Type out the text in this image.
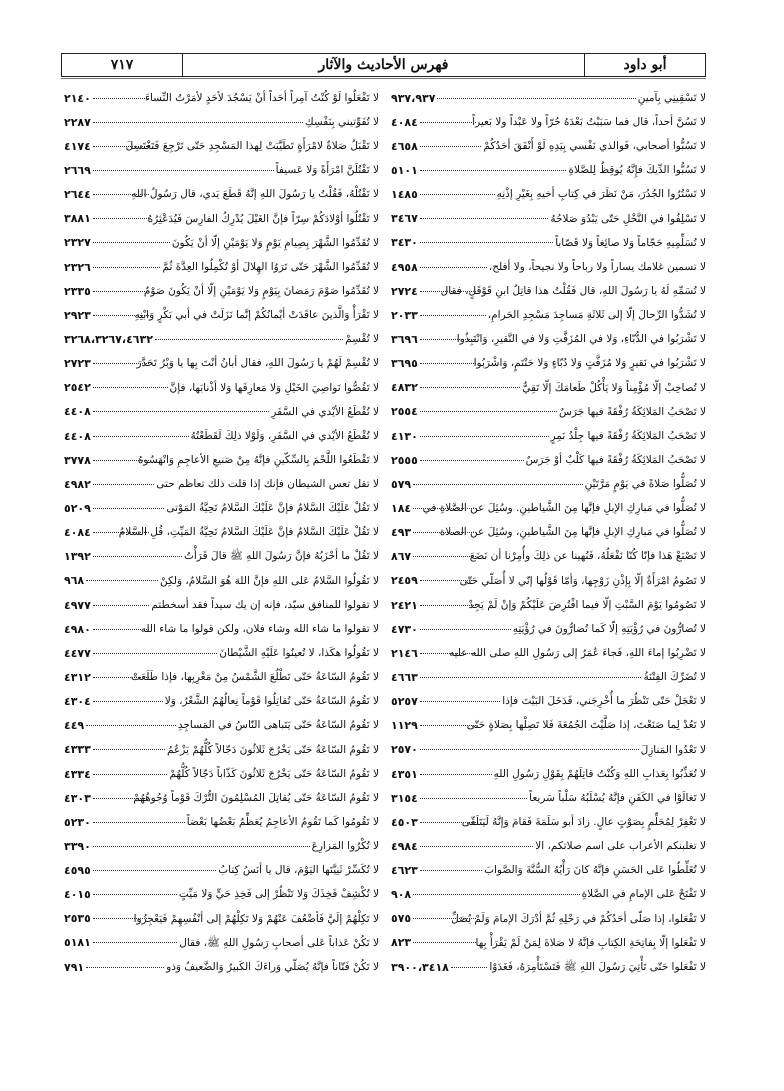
٧١٧	فهرس الأحاديث والآثار	أبو داود
لا تَسْقِينِي بِآمينِ
٩٣٧،٩٣٧
لا تَسُنَّ أحداً، قال فما سَبَبْتُ بَعْدَهُ حُرّاً ولا عَبْداً ولا بَعيراً
٤٠٨٤
لا تَسُبُّوا أصحابي، فَوالذي نَفْسي بِيَدِهِ لَوْ أَنْفَقَ أحَدُكُمْ
٤٦٥٨
لا تَسُبُّوا الدِّيكَ فإِنَّهُ يُوقِظُ لِلصَّلاةِ
٥١٠١
لا تَسْتُرُوا الجُدُرَ، مَنْ نَظَرَ في كِتابِ أخيهِ بِغَيْرِ إذْنِهِ
١٤٨٥
لا تَسْلِفُوا في النَّخْلِ حَتّى يَبْدُوَ صَلاحُهُ
٣٤٦٧
لا تُسَلِّمِيهِ حَجّاماً وَلا صائِغاً وَلا قَصّاباً
٣٤٣٠
لا تسمين غلامك يساراً ولا رباحاً ولا نجيحاً، ولا أفلح،
٤٩٥٨
لا تُسَمِّهِ لَهُ يا رَسُولَ اللهِ، قال فَقُلْتُ هذا قاتِلُ ابنِ قَوْقَلٍ، فقال
٢٧٢٤
لا تُشَدُّوا الرِّحالَ إلّا إلى ثَلاثَةِ مَساجِدَ مَسْجِدِ الحَرامِ،
٢٠٣٣
لا تَشْرَبُوا في الدُّبّاءِ، وَلا في المُزَفَّتِ وَلا في النَّقيرِ، وَانْتَبِذُوا
٣٦٩٦
لا تَشْرَبُوا في نَقيرٍ وَلا مُزَفَّتٍ وَلا دُبّاءٍ وَلا حَنْتَمٍ، وَاشْرَبُوا
٣٦٩٥
لا تُصاحِبْ إلّا مُؤْمِناً وَلا يَأْكُلْ طَعامَكَ إلّا تَقِيٌّ
٤٨٣٢
لا تَصْحَبُ المَلائِكَةُ رُفْقَةً فيها جَرَسٌ
٢٥٥٤
لا تَصْحَبُ المَلائِكَةُ رُفْقَةً فيها جِلْدُ نَمِرٍ
٤١٣٠
لا تَصْحَبُ المَلائِكَةُ رُفْقَةً فيها كَلْبٌ أوْ جَرَسٌ
٢٥٥٥
لا تُصَلُّوا صَلاةً في يَوْمٍ مَرَّتَيْنِ
٥٧٩
لا تُصَلُّوا في مَبارِكِ الإبلِ فإنَّها مِنَ الشَّياطينِ. وسُئِلَ عن الصَّلاةِ في
١٨٤
لا تُصَلُّوا في مَبارِكِ الإبلِ فإنَّها مِنَ الشَّياطينِ، وسُئِلَ عن الصلاة
٤٩٣
لا تَصْنَعْ هَذا فإنّا كُنّا نَفْعَلُهُ، فَنُهينا عن ذلِكَ وأُمِرْنا أن نَضَعَ
٨٦٧
لا تَصُومُ امْرَأَةٌ إلّا بِإذْنِ زَوْجِها، وَأمّا قَوْلُها إنّي لا أُصَلّي حَتّى
٢٤٥٩
لا تَصُومُوا يَوْمَ السَّبْتِ إلّا فيما افْتُرِضَ عَلَيْكُمْ وَإنْ لَمْ يَجِدْ
٢٤٢١
لا تُضارُّونَ في رُؤْيَتِهِ إلّا كَما تُضارُّونَ في رُؤْيَتِهِ
٤٧٣٠
لا تَضْرِبُوا إماءَ اللهِ، فَجاءَ عُمَرُ إلى رَسُولِ اللهِ صلى الله عليه
٢١٤٦
لا تُضَرِّكَ الفِتْنَةُ
٤٦٦٣
لا تَعْجَلْ حَتّى تَنْظُرَ ما أُخْرِجَني، فَدَخَلَ البَيْتَ فإذا
٥٢٥٧
لا تَعُدْ لِما صَنَعْتَ، إذا صَلَّيْتَ الجُمُعَةَ فَلا تَصِلْها بِصَلاةٍ حَتّى
١١٢٩
لا تَعْدُوا المَنازِلَ
٢٥٧٠
لا تُعَذِّبُوا بِعَذابِ اللهِ وَكُنْتُ قاتِلَهُمْ بِقَوْلِ رَسُولِ اللهِ
٤٣٥١
لا تَغالَوْا في الكَفَنِ فإنَّهُ يُسْلَبُهُ سَلْباً سَريعاً
٣١٥٤
لا تَغْفِرْ لِمُحَلِّمٍ بِصَوْتٍ عالٍ. زادَ أبو سَلَمَةَ فَقامَ وَإنَّهُ لَيَتَلَقّى
٤٥٠٣
لا تغلبنكم الأعراب على اسم صلاتكم، الا
٤٩٨٤
لا تُغَلِّطُوا عَلى الحَسَنِ فإنَّهُ كانَ رَأْيُهُ السُّنَّةَ وَالصَّوابَ
٤٦٢٣
لا تَفْتَحْ عَلى الإمامِ في الصَّلاةِ
٩٠٨
لا تَفْعَلوا، إذا صَلّى أحَدُكُمْ في رَحْلِهِ ثُمَّ أدْرَكَ الإمامَ وَلَمْ يُصَلِّ
٥٧٥
لا تَفْعَلوا إلّا بِفاتِحَةِ الكِتابِ فإنَّهُ لا صَلاةَ لِمَنْ لَمْ يَقْرَأْ بِها
٨٢٣
لا تَفْعَلوا حَتّى تَأْتِيَ رَسُولَ اللهِ ﷺ فَتَسْتَأْمِرَهُ، فَغَدَوْا
٣٩٠٠،٣٤١٨
لا تَفْعَلُوا لَوْ كُنْتُ آمِراً أحَداً أنْ يَسْجُدَ لأحَدٍ لأمَرْتُ النِّساءَ
٢١٤٠
لا تُفَوِّتيني بِنَفْسِكِ
٢٢٨٧
لا تَقْبَلُ صَلاةٌ لامْرَأَةٍ تَطَيَّبَتْ لِهذا المَسْجِدِ حَتّى تَرْجِعَ فَتَغْتَسِلَ
٤١٧٤
لا تَقْتُلَنَّ امْرَأَةً وَلا عَسيفاً
٢٦٦٩
لا تَقْتُلْهُ، فَقُلْتُ يا رَسُولَ اللهِ إنَّهُ قَطَعَ يَدي، قال رَسُولُ اللهِ
٢٦٤٤
لا تَقْتُلُوا أوْلادَكُمْ سِرّاً فإنَّ الغَيْلَ يُدْرِكُ الفارِسَ فَيُدَعْثِرُهُ
٣٨٨١
لا تُقَدِّمُوا الشَّهْرَ بِصِيامِ يَوْمٍ وَلا يَوْمَيْنِ إلّا أنْ يَكُونَ
٢٣٢٧
لا تُقَدِّمُوا الشَّهْرَ حَتّى تَرَوُا الهِلالَ أوْ تُكْمِلُوا العِدَّةَ ثُمَّ
٢٣٢٦
لا تُقَدِّمُوا صَوْمَ رَمَضانَ بِيَوْمٍ وَلا يَوْمَيْنِ إلّا أنْ يَكُونَ صَوْمٌ
٢٣٣٥
لا تَقْرَأْ وَالَّذينَ عاقَدَتْ أيْمانُكُمْ إنَّما نَزَلَتْ في أبي بَكْرٍ وَابْنِهِ
٢٩٢٣
لا تُقْسِمْ
٣٢٦٨،٣٢٦٧،٤٦٣٢
لا تُقْسِمْ لَهُمْ يا رَسُولَ اللهِ، فقال أبانُ أنْتَ بِها يا وَبْرُ تَحَدَّرَ
٢٧٢٣
لا تَقُصُّوا نَواصِيَ الخَيْلِ وَلا مَعارِفَها وَلا أذْنابَها، فإنَّ
٢٥٤٢
لا تُقْطَعُ الأيْدي في السَّفَرِ
٤٤٠٨
لا تُقْطَعُ الأيْدي في السَّفَرِ، وَلَوْلا ذلِكَ لَقَطَعْتُهُ
٤٤٠٨
لا تَقْطَعُوا اللَّحْمَ بِالسِّكّينِ فإنَّهُ مِنْ صَنيعِ الأعاجِمِ وَانْهَسُوهُ
٣٧٧٨
لا تقل تعس الشيطان فإنك إذا قلت ذلك تعاظم حتى
٤٩٨٢
لا تَقُلْ عَلَيْكَ السَّلامُ فإنَّ عَلَيْكَ السَّلامُ تَحِيَّةُ المَوْتى
٥٢٠٩
لا تَقُلْ عَلَيْكَ السَّلامُ فإنَّ عَلَيْكَ السَّلامُ تَحِيَّةُ المَيِّتِ، قُلِ السَّلامُ
٤٠٨٤
لا تَقُلْ ما أحْزَبُهُ فإنَّ رَسُولَ اللهِ ﷺ قالَ قَرَأْتُ
١٣٩٢
لا تَقُولُوا السَّلامُ عَلى اللهِ فإنَّ اللهَ هُوَ السَّلامُ، وَلكِنْ
٩٦٨
لا تقولوا للمنافق سيّد، فإنه إن يك سيداً فقد أسخطتم
٤٩٧٧
لا تقولوا ما شاء الله وشاء فلان، ولكن قولوا ما شاء الله
٤٩٨٠
لا تَقُولُوا هكَذا، لا تُعينُوا عَلَيْهِ الشَّيْطانَ
٤٤٧٧
لا تَقُومُ السّاعَةُ حَتّى تَطْلُعَ الشَّمْسُ مِنْ مَغْرِبِها، فإذا طَلَعَتْ
٤٣١٢
لا تَقُومُ السّاعَةُ حَتّى تُقاتِلُوا قَوْماً نِعالُهُمُ الشَّعْرُ، وَلا
٤٣٠٤
لا تَقُومُ السّاعَةُ حَتّى يَتَباهى النّاسُ في المَساجِدِ
٤٤٩
لا تَقُومُ السّاعَةُ حَتّى يَخْرُجَ ثَلاثُونَ دَجّالاً كُلُّهُمْ يَزْعُمُ
٤٣٣٣
لا تَقُومُ السّاعَةُ حَتّى يَخْرُجَ ثَلاثُونَ كَذّاباً دَجّالاً كُلُّهُمْ
٤٣٣٤
لا تَقُومُ السّاعَةُ حَتّى يُقاتِلَ المُسْلِمُونَ التُّرْكَ قَوْماً وُجُوهُهُمْ
٤٣٠٣
لا تَقُومُوا كَما تَقُومُ الأعاجِمُ يُعَظِّمُ بَعْضُها بَعْضاً
٥٢٣٠
لا تُكْرُوا المَزارِعَ
٣٣٩٠
لا تُكَسِّرْ ثَنِيَّتَها اليَوْمَ، قال يا أنَسُ كِتابُ
٤٥٩٥
لا تُكْشِفْ فَخِذَكَ وَلا تَنْظُرْ إلى فَخِذِ حَيٍّ وَلا مَيِّتٍ
٤٠١٥
لا تَكِلْهُمْ إلَيَّ فَأضْعُفَ عَنْهُمْ وَلا تَكِلْهُمْ إلى أنْفُسِهِمْ فَيَعْجِزُوا
٢٥٣٥
لا تَكُنْ عَذاباً عَلى أصحابِ رَسُولِ اللهِ ﷺ، فقال
٥١٨١
لا تَكُنْ فَتّاناً فإنَّهُ يُصَلّي وَراءَكَ الكَبيرُ وَالضَّعيفُ وَذو
٧٩١
